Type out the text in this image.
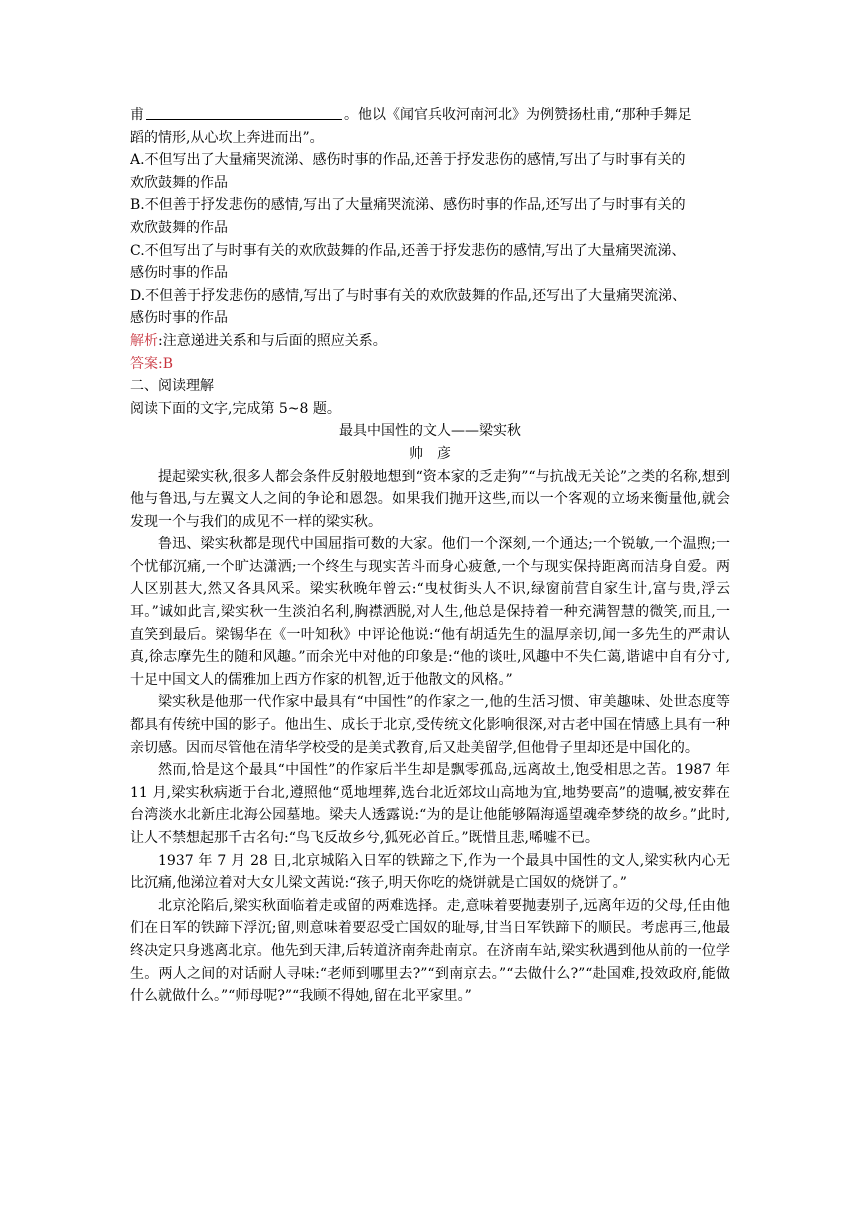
甫	。他以《闻官兵收河南河北》为例赞扬杜甫,“那种手舞足
蹈的情形,从心坎上奔进而出”。
A.不但写出了大量痛哭流涕、感伤时事的作品,还善于抒发悲伤的感情,写出了与时事有关的
欢欣鼓舞的作品
B.不但善于抒发悲伤的感情,写出了大量痛哭流涕、感伤时事的作品,还写出了与时事有关的
欢欣鼓舞的作品
C.不但写出了与时事有关的欢欣鼓舞的作品,还善于抒发悲伤的感情,写出了大量痛哭流涕、
感伤时事的作品
D.不但善于抒发悲伤的感情,写出了与时事有关的欢欣鼓舞的作品,还写出了大量痛哭流涕、
感伤时事的作品
解析:注意递进关系和与后面的照应关系。
答案:B
二、阅读理解
阅读下面的文字,完成第 5~8 题。
最具中国性的文人——梁实秋
帅彦
提起梁实秋,很多人都会条件反射般地想到“资本家的乏走狗”“与抗战无关论”之类的名称,想到他与鲁迅,与左翼文人之间的争论和恩怨。如果我们抛开这些,而以一个客观的立场来衡量他,就会发现一个与我们的成见不一样的梁实秋。
鲁迅、梁实秋都是现代中国屈指可数的大家。他们一个深刻,一个通达;一个锐敏,一个温煦;一个忧郁沉痛,一个旷达潇洒;一个终生与现实苦斗而身心疲惫,一个与现实保持距离而洁身自爱。两人区别甚大,然又各具风采。梁实秋晚年曾云:“曳杖街头人不识,绿窗前营自家生计,富与贵,浮云耳。”诚如此言,梁实秋一生淡泊名利,胸襟洒脱,对人生,他总是保持着一种充满智慧的微笑,而且,一直笑到最后。梁锡华在《一叶知秋》中评论他说:“他有胡适先生的温厚亲切,闻一多先生的严肃认真,徐志摩先生的随和风趣。”而余光中对他的印象是:“他的谈吐,风趣中不失仁蔼,谐谑中自有分寸,十足中国文人的儒雅加上西方作家的机智,近于他散文的风格。”
梁实秋是他那一代作家中最具有“中国性”的作家之一,他的生活习惯、审美趣味、处世态度等都具有传统中国的影子。他出生、成长于北京,受传统文化影响很深,对古老中国在情感上具有一种亲切感。因而尽管他在清华学校受的是美式教育,后又赴美留学,但他骨子里却还是中国化的。
然而,恰是这个最具“中国性”的作家后半生却是飘零孤岛,远离故土,饱受相思之苦。1987 年 11 月,梁实秋病逝于台北,遵照他“觅地埋葬,选台北近郊坟山高地为宜,地势要高”的遗嘱,被安葬在台湾淡水北新庄北海公园墓地。梁夫人透露说:“为的是让他能够隔海遥望魂牵梦绕的故乡。”此时,让人不禁想起那千古名句:“鸟飞反故乡兮,狐死必首丘。”既惜且悲,唏嘘不已。
1937 年 7 月 28 日,北京城陷入日军的铁蹄之下,作为一个最具中国性的文人,梁实秋内心无比沉痛,他涕泣着对大女儿梁文茜说:“孩子,明天你吃的烧饼就是亡国奴的烧饼了。”
北京沦陷后,梁实秋面临着走或留的两难选择。走,意味着要抛妻别子,远离年迈的父母,任由他们在日军的铁蹄下浮沉;留,则意味着要忍受亡国奴的耻辱,甘当日军铁蹄下的顺民。考虑再三,他最终决定只身逃离北京。他先到天津,后转道济南奔赴南京。在济南车站,梁实秋遇到他从前的一位学生。两人之间的对话耐人寻味:“老师到哪里去?”“到南京去。”“去做什么?”“赴国难,投效政府,能做什么就做什么。”“师母呢?”“我顾不得她,留在北平家里。”
